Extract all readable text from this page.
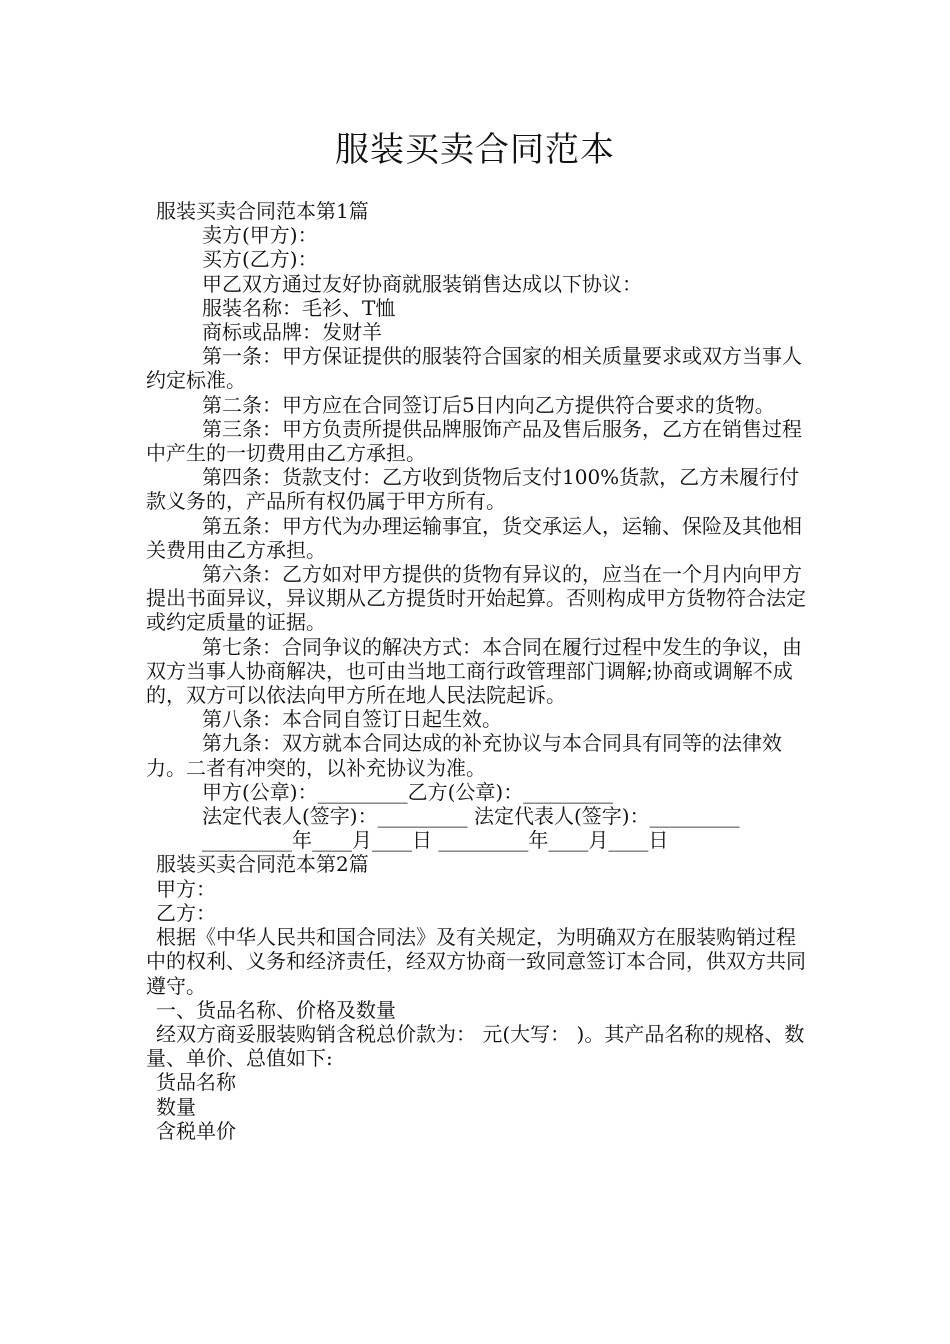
服装买卖合同范本

服装买卖合同范本第1篇

卖方(甲方)：

买方(乙方)：

甲乙双方通过友好协商就服装销售达成以下协议：

服装名称：毛衫、T恤

商标或品牌：发财羊

第一条：甲方保证提供的服装符合国家的相关质量要求或双方当事人约定标准。

第二条：甲方应在合同签订后5日内向乙方提供符合要求的货物。

第三条：甲方负责所提供品牌服饰产品及售后服务，乙方在销售过程中产生的一切费用由乙方承担。

第四条：货款支付：乙方收到货物后支付100%货款，乙方未履行付款义务的，产品所有权仍属于甲方所有。

第五条：甲方代为办理运输事宜，货交承运人，运输、保险及其他相关费用由乙方承担。

第六条：乙方如对甲方提供的货物有异议的，应当在一个月内向甲方提出书面异议，异议期从乙方提货时开始起算。否则构成甲方货物符合法定或约定质量的证据。

第七条：合同争议的解决方式：本合同在履行过程中发生的争议，由双方当事人协商解决，也可由当地工商行政管理部门调解;协商或调解不成的，双方可以依法向甲方所在地人民法院起诉。

第八条：本合同自签订日起生效。

第九条：双方就本合同达成的补充协议与本合同具有同等的法律效力。二者有冲突的，以补充协议为准。

甲方(公章)：_________乙方(公章)：_________

法定代表人(签字)：_________ 法定代表人(签字)：_________

_________年____月____日 _________年____月____日

服装买卖合同范本第2篇

甲方：

乙方：

根据《中华人民共和国合同法》及有关规定，为明确双方在服装购销过程中的权利、义务和经济责任，经双方协商一致同意签订本合同，供双方共同遵守。

一、货品名称、价格及数量

经双方商妥服装购销含税总价款为： 元(大写： )。其产品名称的规格、数量、单价、总值如下:

货品名称

数量

含税单价
